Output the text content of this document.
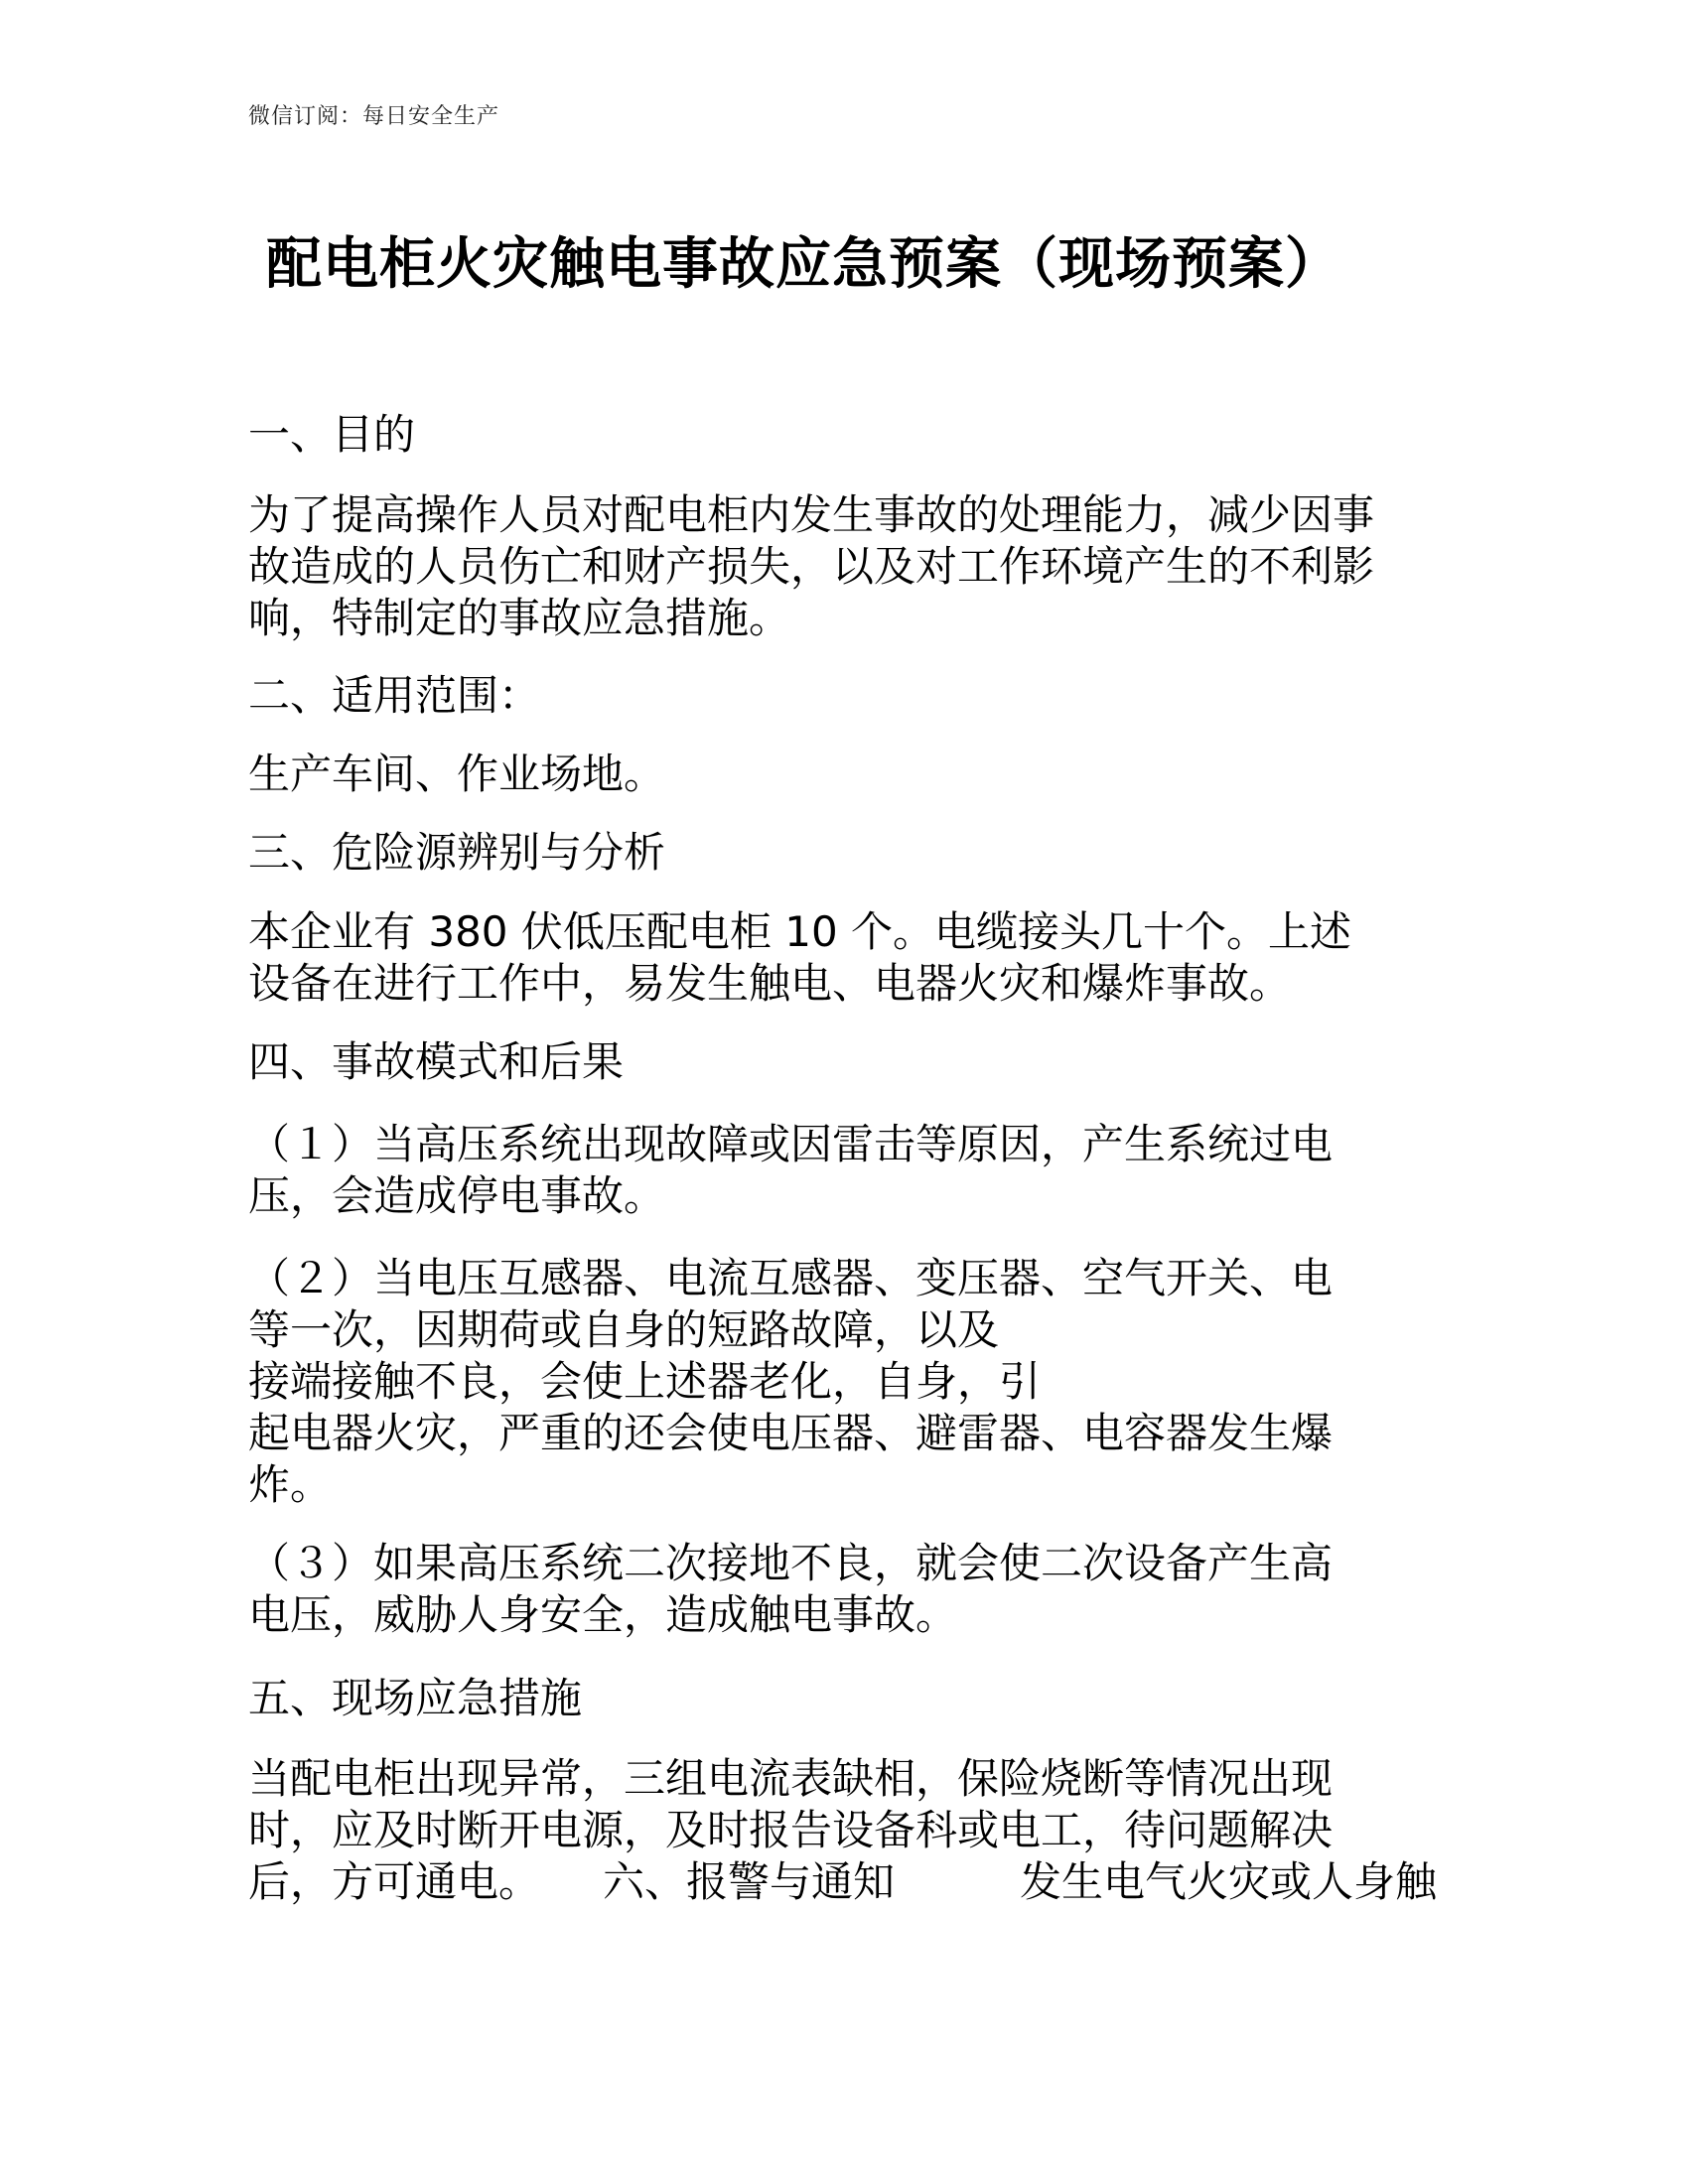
微信订阅：每日安全生产
配电柜火灾触电事故应急预案（现场预案）
一、目的
为了提高操作人员对配电柜内发生事故的处理能力，减少因事
故造成的人员伤亡和财产损失，以及对工作环境产生的不利影
响，特制定的事故应急措施。
二、适用范围：
生产车间、作业场地。
三、危险源辨别与分析
本企业有 380 伏低压配电柜 10 个。电缆接头几十个。上述
设备在进行工作中，易发生触电、电器火灾和爆炸事故。
四、事故模式和后果
（１）当高压系统出现故障或因雷击等原因，产生系统过电
压，会造成停电事故。
（２）当电压互感器、电流互感器、变压器、空气开关、电
等一次，因期荷或自身的短路故障，以及
接端接触不良，会使上述器老化，自身，引
起电器火灾，严重的还会使电压器、避雷器、电容器发生爆
炸。
（３）如果高压系统二次接地不良，就会使二次设备产生高
电压，威胁人身安全，造成触电事故。
五、现场应急措施
当配电柜出现异常，三组电流表缺相，保险烧断等情况出现
时，应及时断开电源，及时报告设备科或电工，待问题解决
后，方可通电。　　六、报警与通知　　　发生电气火灾或人身触
